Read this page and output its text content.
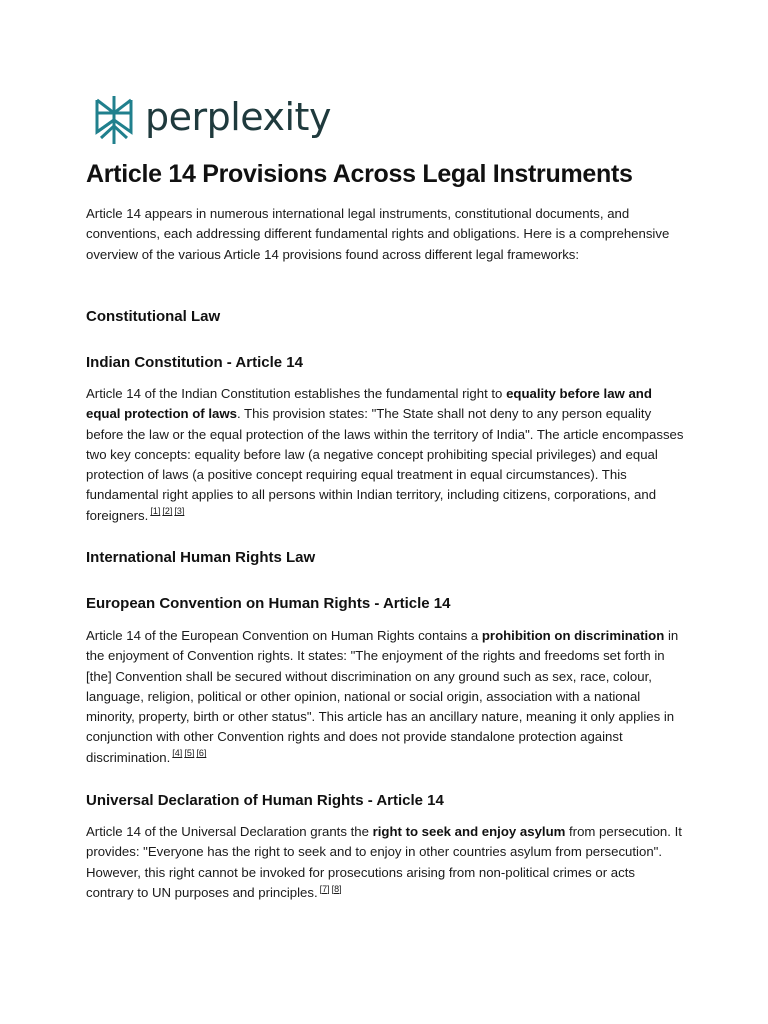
perplexity
Article 14 Provisions Across Legal Instruments

Article 14 appears in numerous international legal instruments, constitutional documents, and conventions, each addressing different fundamental rights and obligations. Here is a comprehensive overview of the various Article 14 provisions found across different legal frameworks:

Constitutional Law
Indian Constitution - Article 14

Article 14 of the Indian Constitution establishes the fundamental right to equality before law and equal protection of laws. This provision states: "The State shall not deny to any person equality before the law or the equal protection of the laws within the territory of India". The article encompasses two key concepts: equality before law (a negative concept prohibiting special privileges) and equal protection of laws (a positive concept requiring equal treatment in equal circumstances). This fundamental right applies to all persons within Indian territory, including citizens, corporations, and foreigners. [1] [2] [3]

International Human Rights Law
European Convention on Human Rights - Article 14

Article 14 of the European Convention on Human Rights contains a prohibition on discrimination in the enjoyment of Convention rights. It states: "The enjoyment of the rights and freedoms set forth in [the] Convention shall be secured without discrimination on any ground such as sex, race, colour, language, religion, political or other opinion, national or social origin, association with a national minority, property, birth or other status". This article has an ancillary nature, meaning it only applies in conjunction with other Convention rights and does not provide standalone protection against discrimination. [4] [5] [6]

Universal Declaration of Human Rights - Article 14

Article 14 of the Universal Declaration grants the right to seek and enjoy asylum from persecution. It provides: "Everyone has the right to seek and to enjoy in other countries asylum from persecution". However, this right cannot be invoked for prosecutions arising from non-political crimes or acts contrary to UN purposes and principles. [7] [8]
